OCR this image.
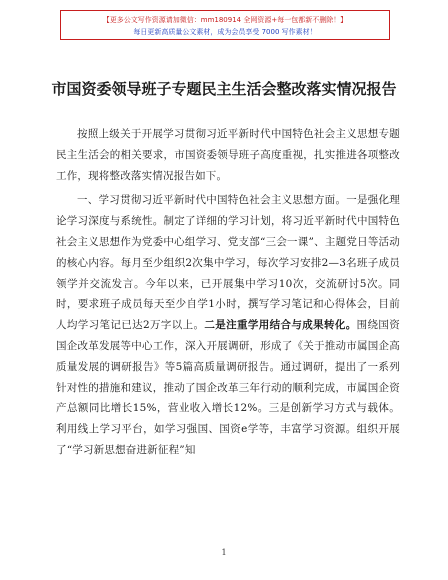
【更多公文写作资源请加微信：mm180914 全网资源+每一包都新不删除！】
每日更新高质量公文素材，成为会员享受 7000 写作素材！
市国资委领导班子专题民主生活会整改落实情况报告

按照上级关于开展学习贯彻习近平新时代中国特色社会主义思想专题民主生活会的相关要求，市国资委领导班子高度重视，扎实推进各项整改工作，现将整改落实情况报告如下。

一、学习贯彻习近平新时代中国特色社会主义思想方面。一是强化理论学习深度与系统性。制定了详细的学习计划，将习近平新时代中国特色社会主义思想作为党委中心组学习、党支部“三会一课”、主题党日等活动的核心内容。每月至少组织2次集中学习，每次学习安排2—3名班子成员领学并交流发言。今年以来，已开展集中学习10次，交流研讨5次。同时，要求班子成员每天至少自学1小时，撰写学习笔记和心得体会，目前人均学习笔记已达2万字以上。二是注重学用结合与成果转化。围绕国资国企改革发展等中心工作，深入开展调研，形成了《关于推动市属国企高质量发展的调研报告》等5篇高质量调研报告。通过调研，提出了一系列针对性的措施和建议，推动了国企改革三年行动的顺利完成，市属国企资产总额同比增长15%，营业收入增长12%。三是创新学习方式与载体。利用线上学习平台，如学习强国、国资e学等，丰富学习资源。组织开展了“学习新思想奋进新征程”知

1
